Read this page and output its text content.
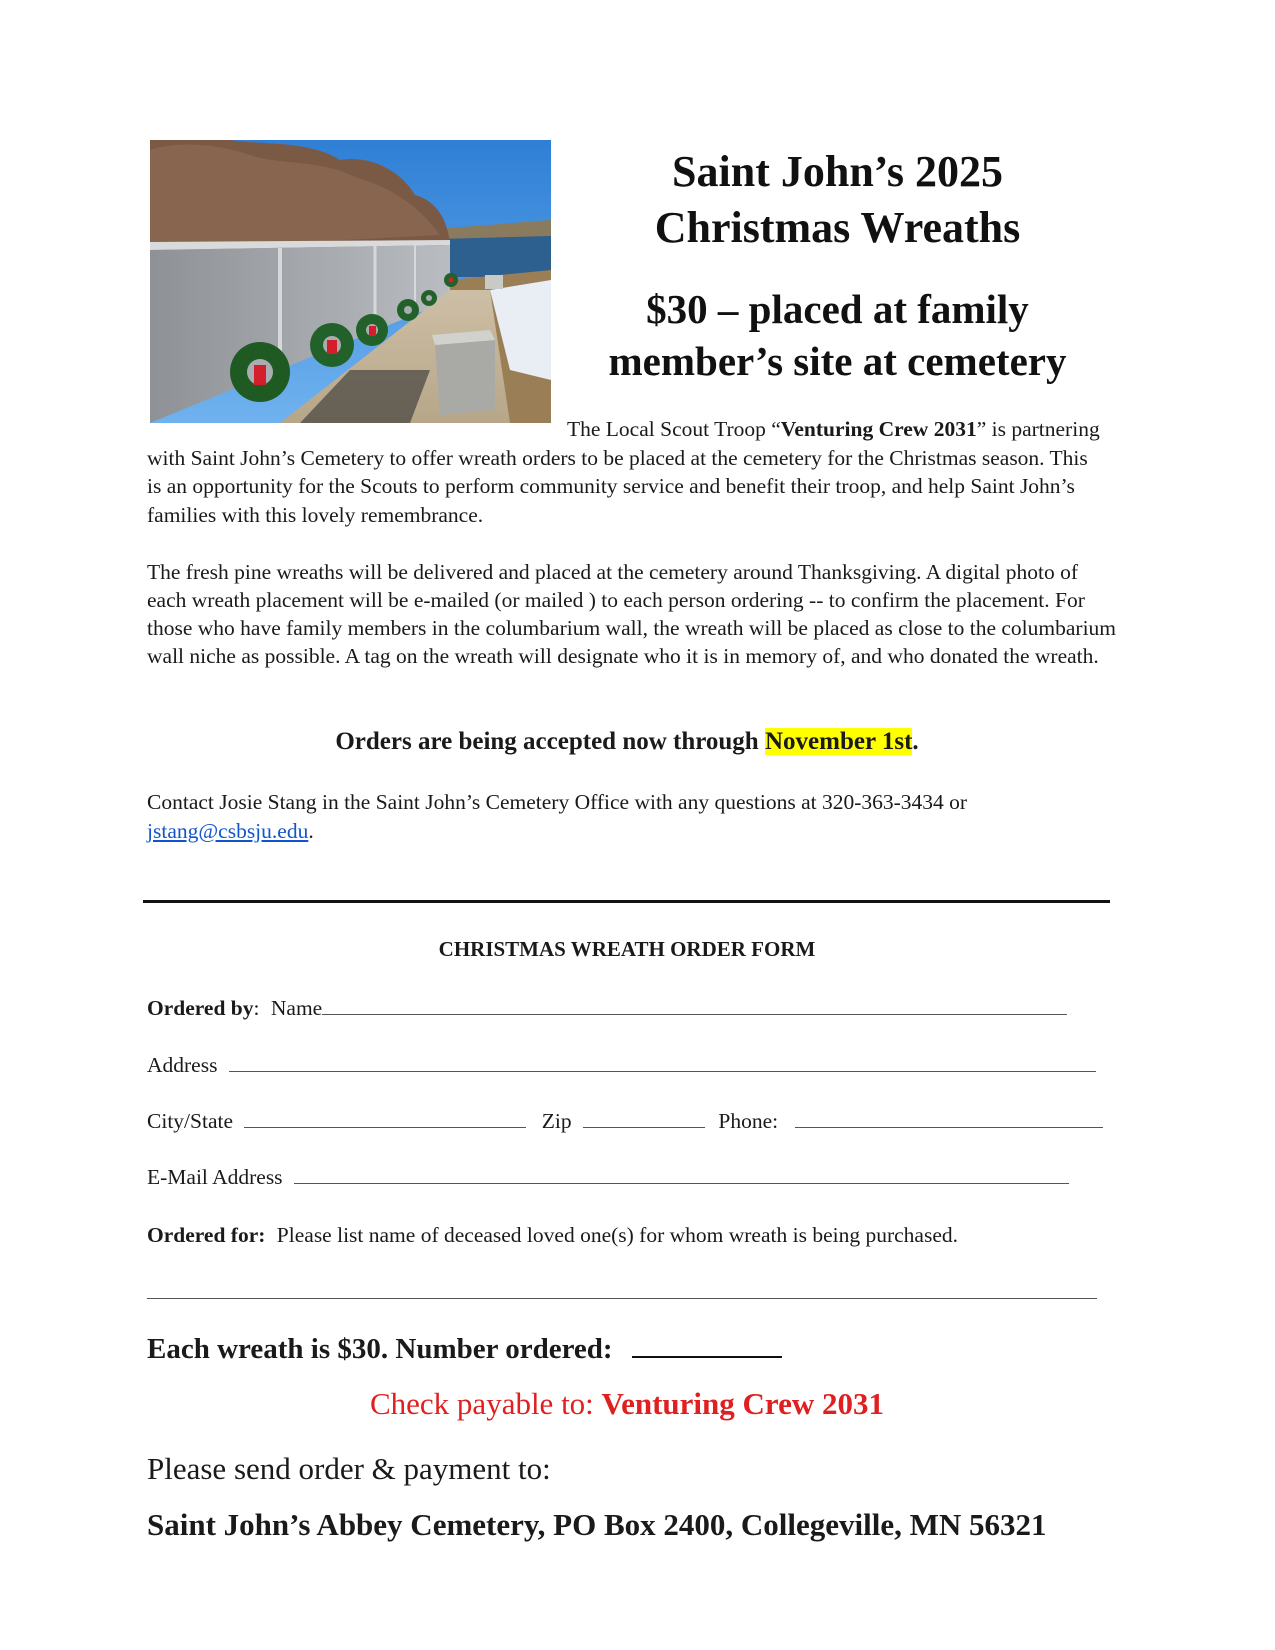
Saint John’s 2025
Christmas Wreaths
$30 – placed at family
member’s site at cemetery
The Local Scout Troop “Venturing Crew 2031” is partnering with Saint John’s Cemetery to offer wreath orders to be placed at the cemetery for the Christmas season. This is an opportunity for the Scouts to perform community service and benefit their troop, and help Saint John’s families with this lovely remembrance.
The fresh pine wreaths will be delivered and placed at the cemetery around Thanksgiving. A digital photo of each wreath placement will be e-mailed (or mailed ) to each person ordering -- to confirm the placement. For those who have family members in the columbarium wall, the wreath will be placed as close to the columbarium wall niche as possible. A tag on the wreath will designate who it is in memory of, and who donated the wreath.
Orders are being accepted now through November 1st.
Contact Josie Stang in the Saint John’s Cemetery Office with any questions at 320-363-3434 or jstang@csbsju.edu.
CHRISTMAS WREATH ORDER FORM
Ordered by: Name
Address
City/State	Zip	Phone:
E-Mail Address
Ordered for: Please list name of deceased loved one(s) for whom wreath is being purchased.
Each wreath is $30. Number ordered:
Check payable to: Venturing Crew 2031
Please send order & payment to:
Saint John’s Abbey Cemetery, PO Box 2400, Collegeville, MN 56321
